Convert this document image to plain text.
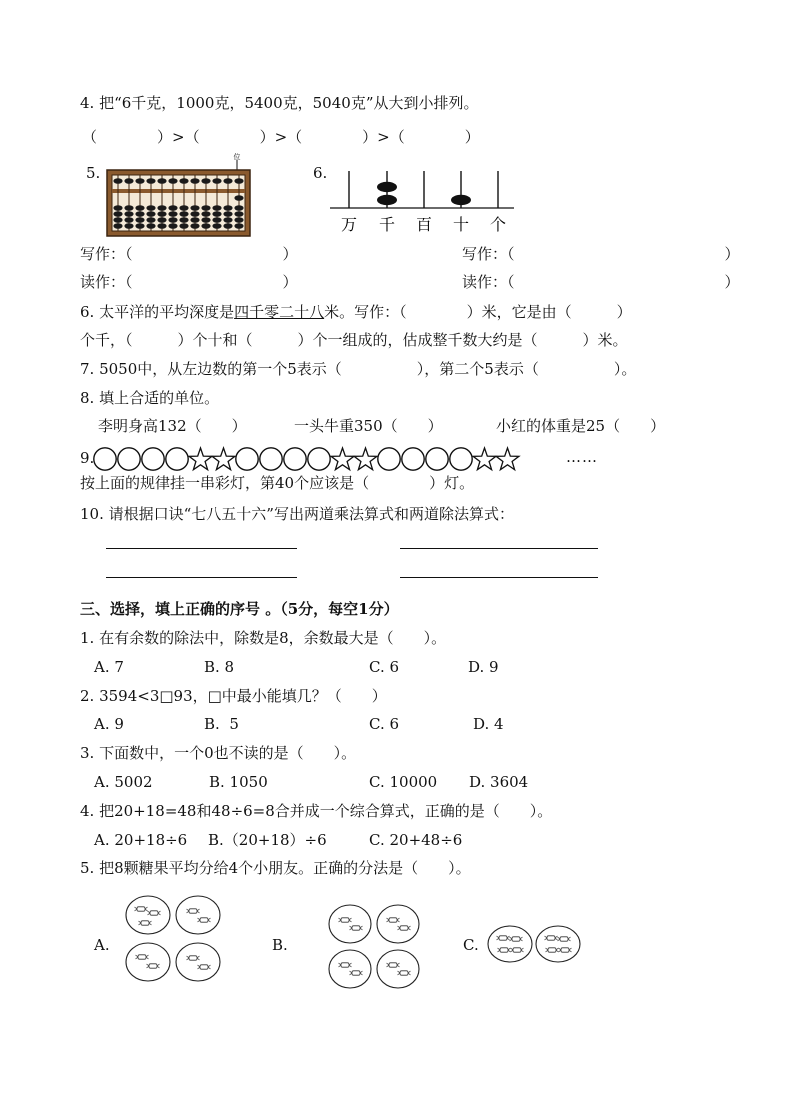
4. 把“6千克，1000克，5400克，5040克”从大到小排列。
（　　　　）>（　　　　）>（　　　　）>（　　　　）
5.
位
6.
万 千 百 十 个
写作：（　　　　　　　　　　）
读作：（　　　　　　　　　　）
写作：（　　　　　　　　　　　　　　）
读作：（　　　　　　　　　　　　　　）
6. 太平洋的平均深度是四千零二十八米。写作：（　　　　）米，它是由（　　　）
个千，（　　　）个十和（　　　）个一组成的，估成整千数大约是（　　　）米。
7. 5050中，从左边数的第一个5表示（　　　　　），第二个5表示（　　　　　）。
8. 填上合适的单位。
李明身高132（　　）	一头牛重350（　　）	小红的体重是25（　　）
9.	……
按上面的规律挂一串彩灯，第40个应该是（　　　　）灯。
10. 请根据口诀“七八五十六”写出两道乘法算式和两道除法算式：
三、选择，填上正确的序号 。（5分，每空1分）
1. 在有余数的除法中，除数是8，余数最大是（　　）。
A. 7	B. 8	C. 6	D. 9
2. 3594<3□93，□中最小能填几？（　　）
A. 9	B.  5	C. 6	D. 4
3. 下面数中，一个0也不读的是（　　）。
A. 5002	B. 1050	C. 10000 D. 3604
4. 把20+18=48和48÷6=8合并成一个综合算式，正确的是（　　）。
A. 20+18÷6 B.（20+18）÷6	C. 20+48÷6
5. 把8颗糖果平均分给4个小朋友。正确的分法是（　　）。
A.	B.	C.
